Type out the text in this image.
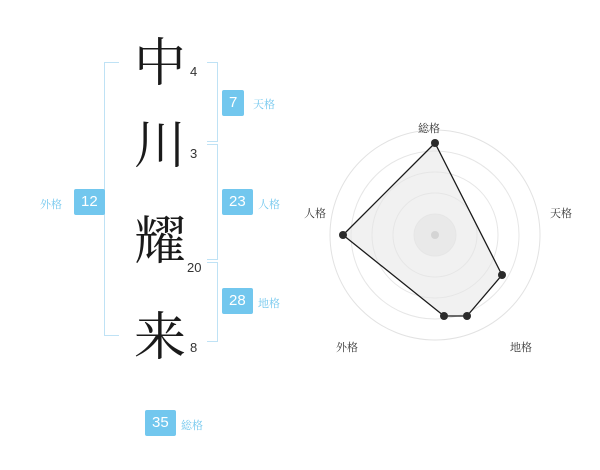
外格	12
中 4
川 3
耀 20
来 8
7	天格
23	人格
28	地格
35	総格
総格
天格
地格
外格
人格
